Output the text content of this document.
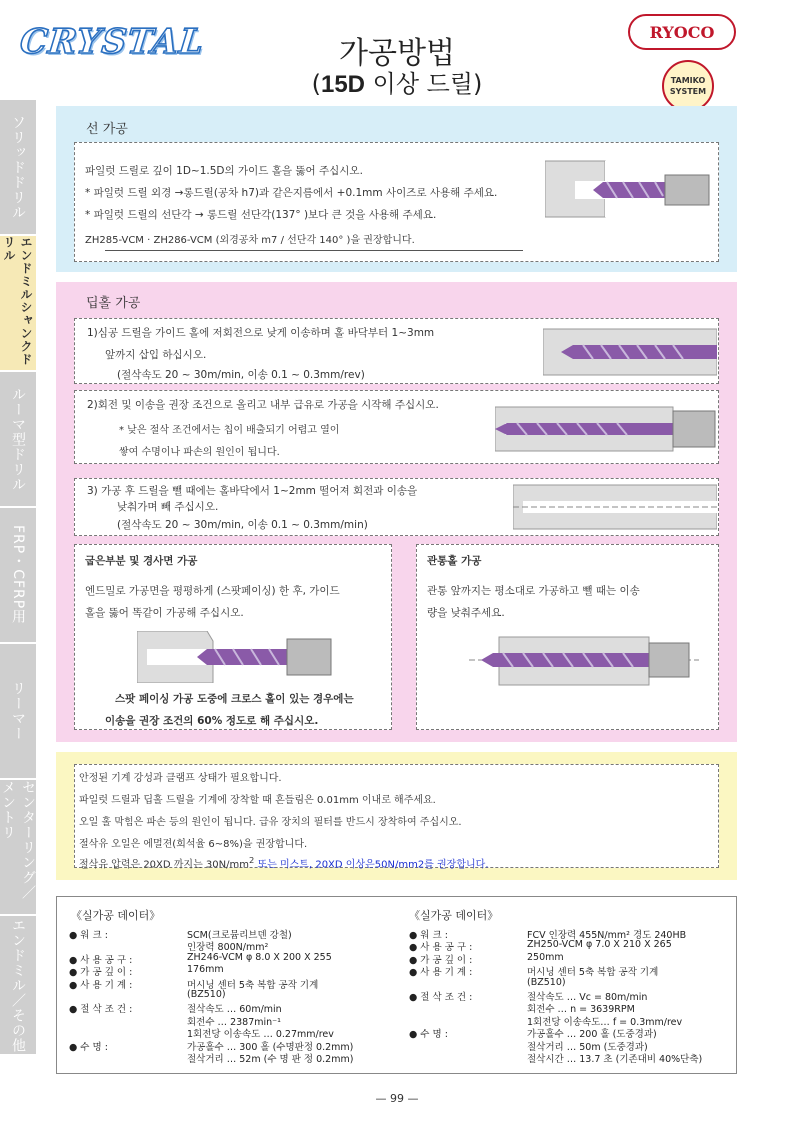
CRYSTAL	가공방법
(15D 이상 드릴)
RYOCO
TAMIKO
SYSTEM
ソリッドドリル
エンドミルシャンクドリル
ルーマ型ドリル
FRP・CFRP用
リーマー
センターリング／メントリ
エンドミル／その他
선 가공
파일럿 드릴로 깊이 1D~1.5D의 가이드 홀을 뚫어 주십시오.
* 파일럿 드릴 외경 →롱드릴(공차 h7)과 같은지름에서 +0.1mm 사이즈로 사용해 주세요.
* 파일럿 드릴의 선단각 → 롱드릴 선단각(137° )보다 큰 것을 사용해 주세요.
ZH285-VCM · ZH286-VCM (외경공차 m7 / 선단각 140° )을 권장합니다.
딥홀 가공
1)심공 드릴을 가이드 홀에 저회전으로 낮게 이송하며 홀 바닥부터 1~3mm
앞까지 삽입 하십시오.
(절삭속도 20 ~ 30m/min, 이송 0.1 ~ 0.3mm/rev)
2)회전 및 이송을 권장 조건으로 올리고 내부 급유로 가공을 시작해 주십시오.
* 낮은 절삭 조건에서는 칩이 배출되기 어렵고 열이
쌓여 수명이나 파손의 원인이 됩니다.
3) 가공 후 드릴을 뺄 때에는 홀바닥에서 1~2mm 떨어져 회전과 이송을
낮춰가며 빼 주십시오.
(절삭속도 20 ~ 30m/min, 이송 0.1 ~ 0.3mm/min)
굽은부분 및 경사면 가공
엔드밀로 가공면을 평평하게 (스팟페이싱) 한 후, 가이드
홀을 뚫어 똑같이 가공해 주십시오.
스팟 페이싱 가공 도중에 크로스 홀이 있는 경우에는
이송을 권장 조건의 60% 정도로 해 주십시오.
관통홀 가공
관통 앞까지는 평소대로 가공하고 뺄 때는 이송
량을 낮춰주세요.
안정된 기계 강성과 클램프 상태가 필요합니다.
파일럿 드릴과 딥홀 드릴을 기계에 장착할 때 흔들림은 0.01mm 이내로 해주세요.
오일 홀 막힘은 파손 등의 원인이 됩니다. 급유 장치의 필터를 반드시 장착하여 주십시오.
절삭유 오일은 에멀젼(희석율 6~8%)을 권장합니다.
절삭유 압력은 20XD 까지는 $30N/mm^2$ 또는 미스트, 20XD 이상은50N/mm2를 권장합니다.
《실가공 데이터》
● 워 크 :	SCM(크로뮴리브덴 강철)
인장력 800N/mm²
● 사 용 공 구 :	ZH246-VCM φ 8.0 X 200 X 255
● 가 공 깊 이 :	176mm
● 사 용 기 계 :	머시닝 센터 5축 복합 공작 기계
(BZ510)
● 절 삭 조 건 :	절삭속도 … 60m/min
회전수 … 2387min⁻¹
1회전당 이송속도 … 0.27mm/rev
● 수 명 :	가공홀수 … 300 홀 (수명판정 0.2mm)
절삭거리 … 52m (수 명 판 정 0.2mm)
《실가공 데이터》
● 워 크 :	FCV 인장력 455N/mm² 경도 240HB
● 사 용 공 구 :	ZH250-VCM φ 7.0 X 210 X 265
● 가 공 깊 이 :	250mm
● 사 용 기 계 :	머시닝 센터 5축 복합 공작 기계
(BZ510)
● 절 삭 조 건 :	절삭속도 … Vc = 80m/min
회전수 … n = 3639RPM
1회전당 이송속도… f = 0.3mm/rev
● 수 명 :	가공홀수 … 200 홀 (도중경과)
절삭거리 … 50m (도중경과)
절삭시간 … 13.7 초 (기존대비 40%단축)
— 99 —
